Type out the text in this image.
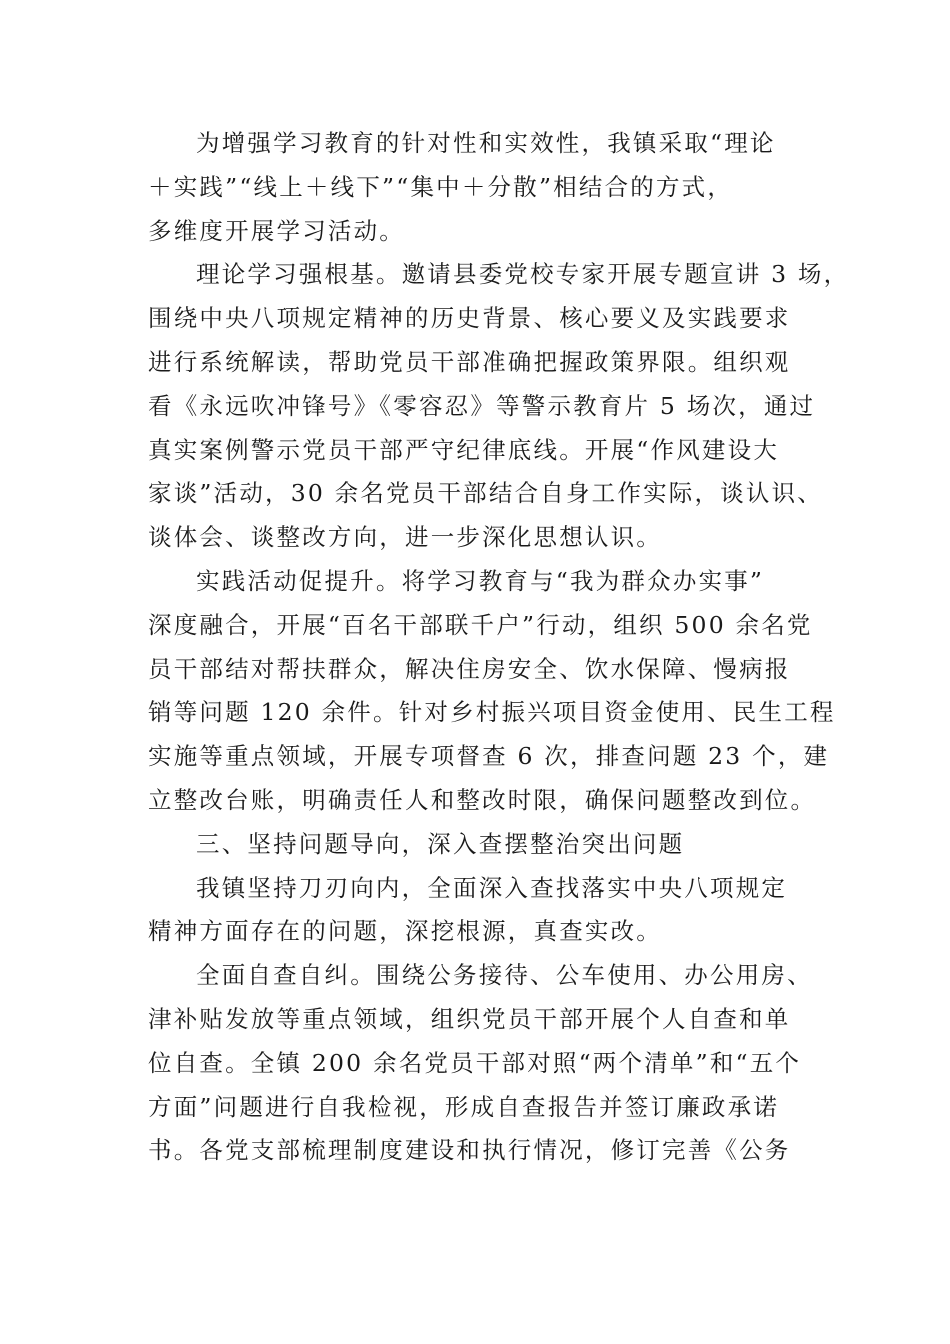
为增强学习教育的针对性和实效性，我镇采取“理论
＋实践”“线上＋线下”“集中＋分散”相结合的方式，
多维度开展学习活动。
理论学习强根基。邀请县委党校专家开展专题宣讲 3 场，
围绕中央八项规定精神的历史背景、核心要义及实践要求
进行系统解读，帮助党员干部准确把握政策界限。组织观
看《永远吹冲锋号》《零容忍》等警示教育片 5 场次，通过
真实案例警示党员干部严守纪律底线。开展“作风建设大
家谈”活动，30 余名党员干部结合自身工作实际，谈认识、
谈体会、谈整改方向，进一步深化思想认识。
实践活动促提升。将学习教育与“我为群众办实事”
深度融合，开展“百名干部联千户”行动，组织 500 余名党
员干部结对帮扶群众，解决住房安全、饮水保障、慢病报
销等问题 120 余件。针对乡村振兴项目资金使用、民生工程
实施等重点领域，开展专项督查 6 次，排查问题 23 个，建
立整改台账，明确责任人和整改时限，确保问题整改到位。
三、坚持问题导向，深入查摆整治突出问题
我镇坚持刀刃向内，全面深入查找落实中央八项规定
精神方面存在的问题，深挖根源，真查实改。
全面自查自纠。围绕公务接待、公车使用、办公用房、
津补贴发放等重点领域，组织党员干部开展个人自查和单
位自查。全镇 200 余名党员干部对照“两个清单”和“五个
方面”问题进行自我检视，形成自查报告并签订廉政承诺
书。各党支部梳理制度建设和执行情况，修订完善《公务
